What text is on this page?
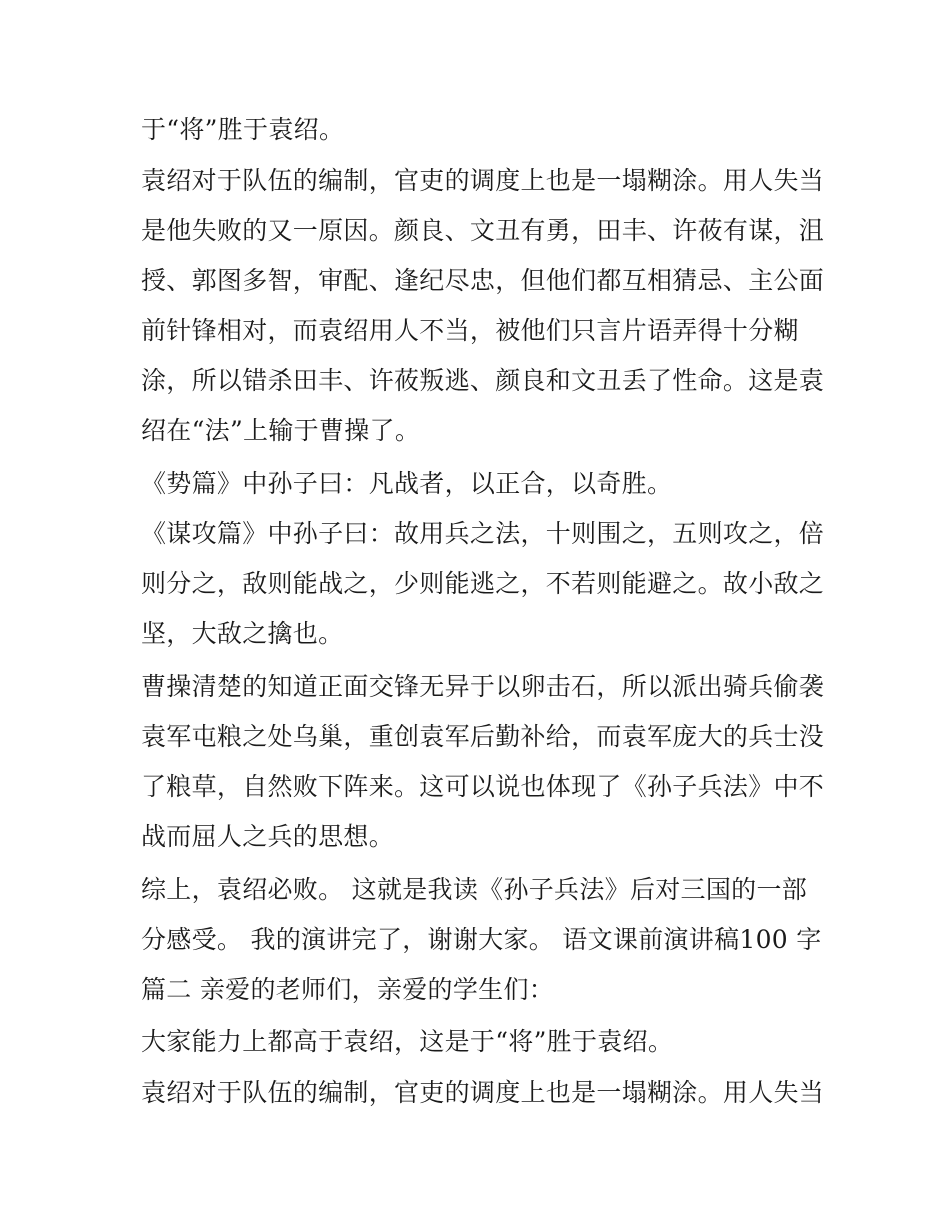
于“将”胜于袁绍。

袁绍对于队伍的编制，官吏的调度上也是一塌糊涂。用人失当

是他失败的又一原因。颜良、文丑有勇，田丰、许莜有谋，沮

授、郭图多智，审配、逢纪尽忠，但他们都互相猜忌、主公面

前针锋相对，而袁绍用人不当，被他们只言片语弄得十分糊

涂，所以错杀田丰、许莜叛逃、颜良和文丑丢了性命。这是袁

绍在“法”上输于曹操了。

《势篇》中孙子曰：凡战者，以正合，以奇胜。

《谋攻篇》中孙子曰：故用兵之法，十则围之，五则攻之，倍

则分之，敌则能战之，少则能逃之，不若则能避之。故小敌之

坚，大敌之擒也。

曹操清楚的知道正面交锋无异于以卵击石，所以派出骑兵偷袭

袁军屯粮之处乌巢，重创袁军后勤补给，而袁军庞大的兵士没

了粮草，自然败下阵来。这可以说也体现了《孙子兵法》中不

战而屈人之兵的思想。

综上，袁绍必败。 这就是我读《孙子兵法》后对三国的一部

分感受。 我的演讲完了，谢谢大家。 语文课前演讲稿100 字

篇二 亲爱的老师们，亲爱的学生们：

大家能力上都高于袁绍，这是于“将”胜于袁绍。

袁绍对于队伍的编制，官吏的调度上也是一塌糊涂。用人失当
